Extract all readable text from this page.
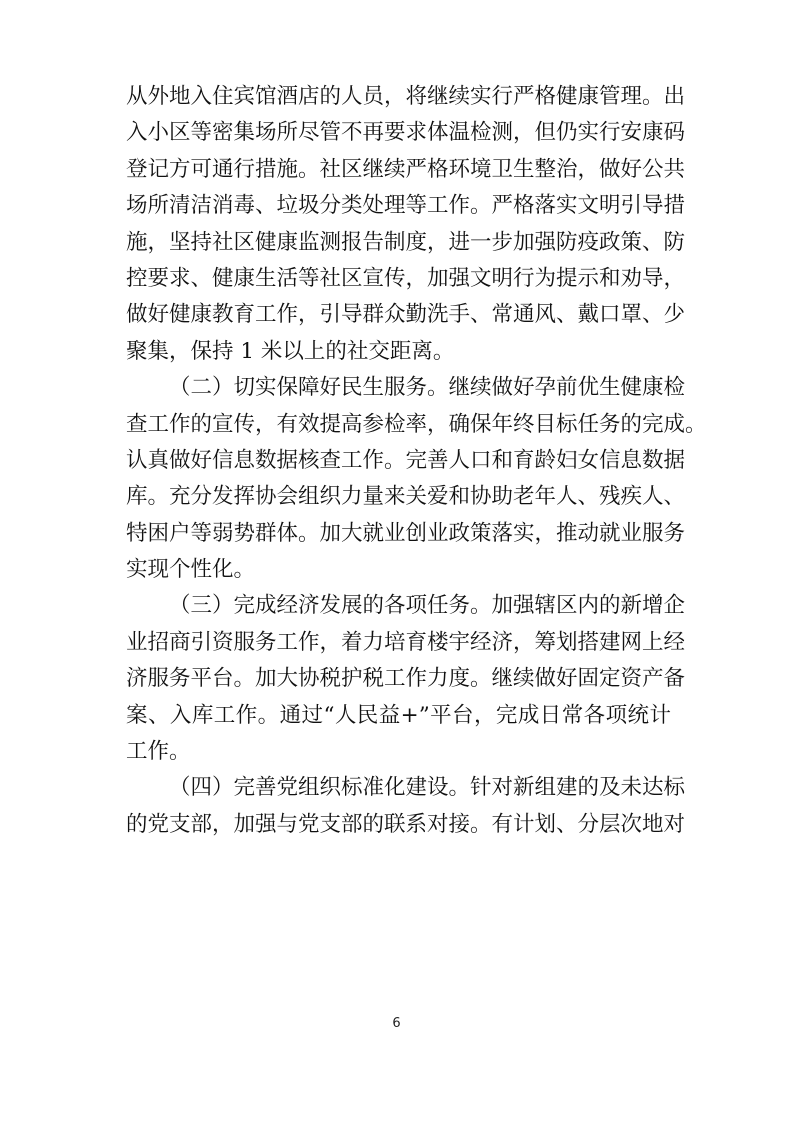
从外地入住宾馆酒店的人员，将继续实行严格健康管理。出
入小区等密集场所尽管不再要求体温检测，但仍实行安康码
登记方可通行措施。社区继续严格环境卫生整治，做好公共
场所清洁消毒、垃圾分类处理等工作。严格落实文明引导措
施，坚持社区健康监测报告制度，进一步加强防疫政策、防
控要求、健康生活等社区宣传，加强文明行为提示和劝导，
做好健康教育工作，引导群众勤洗手、常通风、戴口罩、少
聚集，保持 1 米以上的社交距离。
（二）切实保障好民生服务。继续做好孕前优生健康检
查工作的宣传，有效提高参检率，确保年终目标任务的完成。
认真做好信息数据核查工作。完善人口和育龄妇女信息数据
库。充分发挥协会组织力量来关爱和协助老年人、残疾人、
特困户等弱势群体。加大就业创业政策落实，推动就业服务
实现个性化。
（三）完成经济发展的各项任务。加强辖区内的新增企
业招商引资服务工作，着力培育楼宇经济，筹划搭建网上经
济服务平台。加大协税护税工作力度。继续做好固定资产备
案、入库工作。通过“人民益+”平台，完成日常各项统计
工作。
（四）完善党组织标准化建设。针对新组建的及未达标
的党支部，加强与党支部的联系对接。有计划、分层次地对
6
